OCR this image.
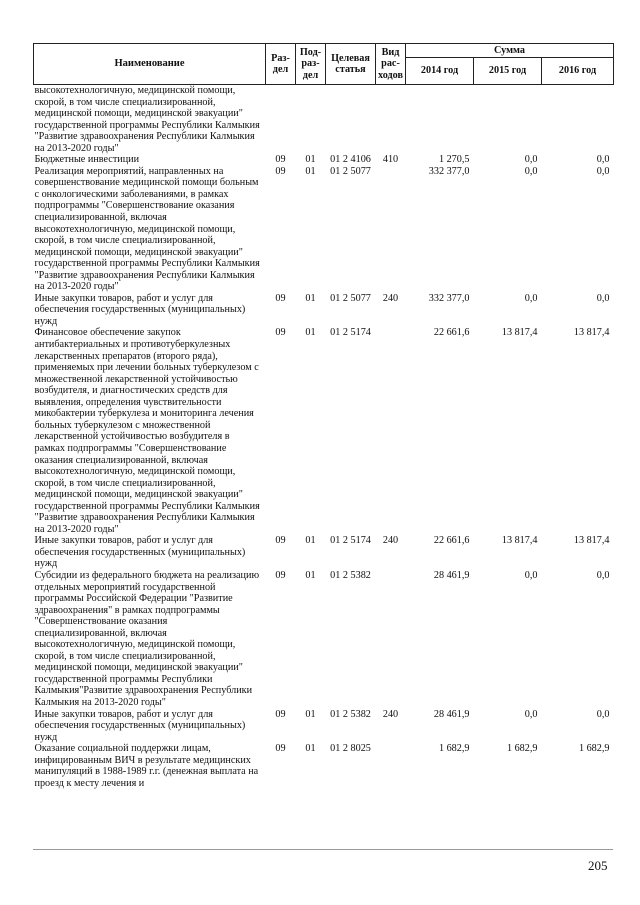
Наименование	Раз-дел	Под-раз-дел	Целевая статья	Вид рас-ходов	Сумма		
					2014 год	2015 год	2016 год
высокотехнологичную, медицинской помощи, скорой, в том числе специализированной, медицинской помощи, медицинской эвакуации" государственной программы Республики Калмыкия "Развитие здравоохранения Республики Калмыкия на 2013-2020 годы"							
Бюджетные инвестиции	09	01	01 2 4106	410	1 270,5	0,0	0,0
Реализация мероприятий, направленных на совершенствование медицинской помощи больным с онкологическими заболеваниями, в рамках подпрограммы "Совершенствование оказания специализированной, включая высокотехнологичную, медицинской помощи, скорой, в том числе специализированной, медицинской помощи, медицинской эвакуации" государственной программы Республики Калмыкия "Развитие здравоохранения Республики Калмыкия на 2013-2020 годы"	09	01	01 2 5077		332 377,0	0,0	0,0
Иные закупки товаров, работ и услуг для обеспечения государственных (муниципальных) нужд	09	01	01 2 5077	240	332 377,0	0,0	0,0
Финансовое обеспечение закупок антибактериальных и противотуберкулезных лекарственных препаратов (второго ряда), применяемых при лечении больных туберкулезом с множественной лекарственной устойчивостью возбудителя, и диагностических средств для выявления, определения чувствительности микобактерии туберкулеза и мониторинга лечения больных туберкулезом с множественной лекарственной устойчивостью возбудителя в рамках подпрограммы "Совершенствование оказания специализированной, включая высокотехнологичную, медицинской помощи, скорой, в том числе специализированной, медицинской помощи, медицинской эвакуации" государственной программы Республики Калмыкия "Развитие здравоохранения Республики Калмыкия на 2013-2020 годы"	09	01	01 2 5174		22 661,6	13 817,4	13 817,4
Иные закупки товаров, работ и услуг для обеспечения государственных (муниципальных) нужд	09	01	01 2 5174	240	22 661,6	13 817,4	13 817,4
Субсидии из федерального бюджета на реализацию отдельных мероприятий государственной программы Российской Федерации "Развитие здравоохранения" в рамках подпрограммы "Совершенствование оказания специализированной, включая высокотехнологичную, медицинской помощи, скорой, в том числе специализированной, медицинской помощи, медицинской эвакуации" государственной программы Республики Калмыкия"Развитие здравоохранения Республики Калмыкия на 2013-2020 годы"	09	01	01 2 5382		28 461,9	0,0	0,0
Иные закупки товаров, работ и услуг для обеспечения государственных (муниципальных) нужд	09	01	01 2 5382	240	28 461,9	0,0	0,0
Оказание социальной поддержки лицам, инфицированным ВИЧ в результате медицинских манипуляций в 1988-1989 г.г. (денежная выплата на проезд к месту лечения и	09	01	01 2 8025		1 682,9	1 682,9	1 682,9
205
